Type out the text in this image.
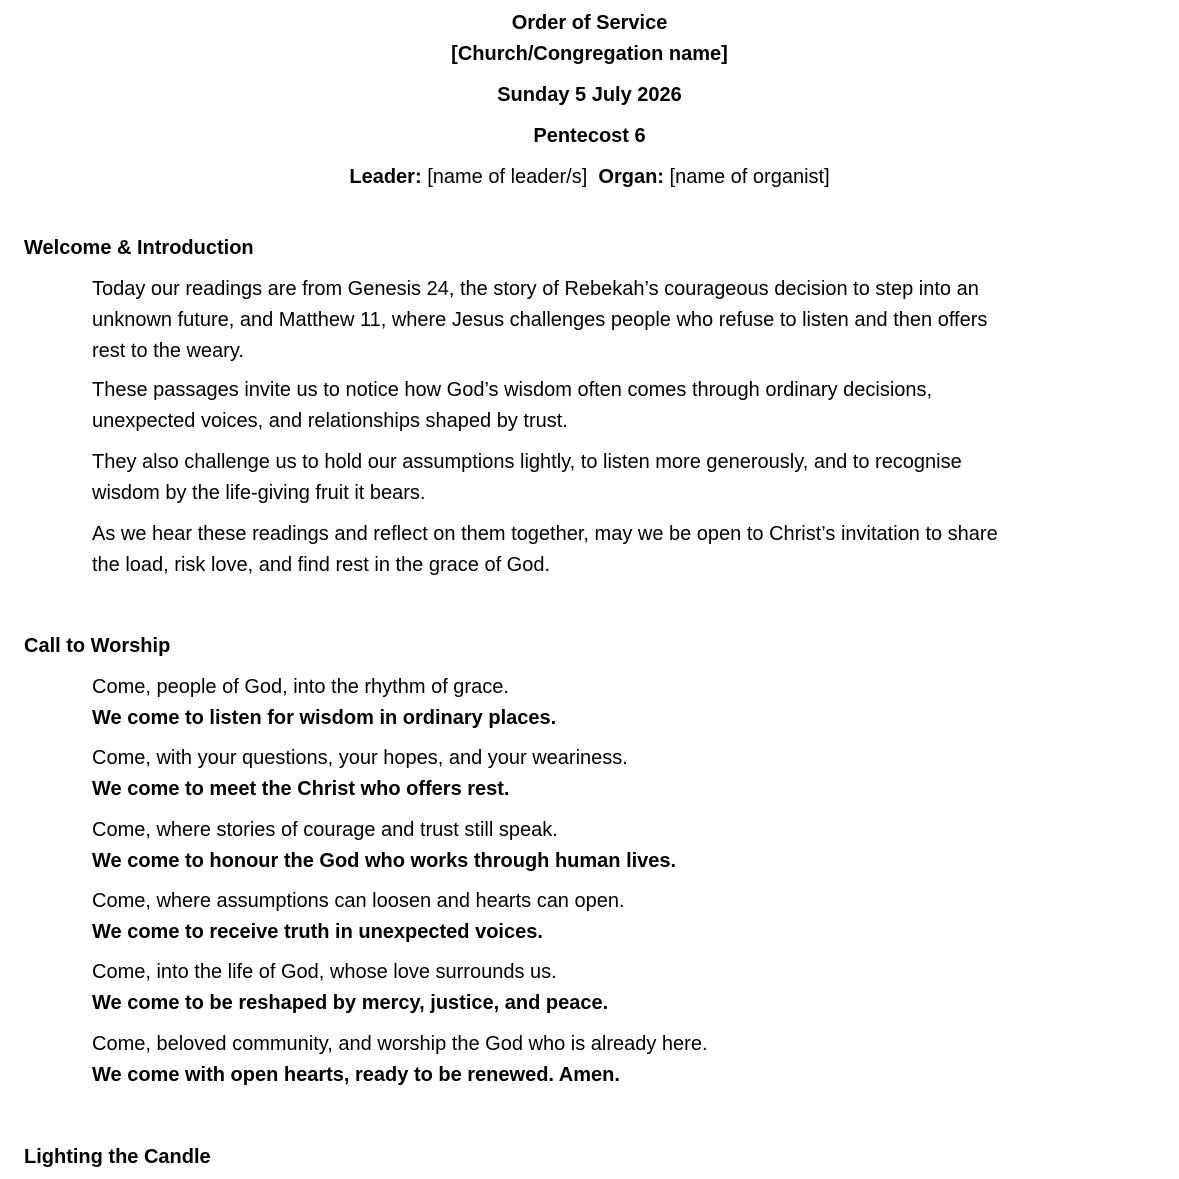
Order of Service
[Church/Congregation name]
Sunday 5 July 2026
Pentecost 6
Leader: [name of leader/s] Organ: [name of organist]
Welcome & Introduction
Today our readings are from Genesis 24, the story of Rebekah’s courageous decision to step into an
unknown future, and Matthew 11, where Jesus challenges people who refuse to listen and then offers
rest to the weary.
These passages invite us to notice how God’s wisdom often comes through ordinary decisions,
unexpected voices, and relationships shaped by trust.
They also challenge us to hold our assumptions lightly, to listen more generously, and to recognise
wisdom by the life-giving fruit it bears.
As we hear these readings and reflect on them together, may we be open to Christ’s invitation to share
the load, risk love, and find rest in the grace of God.
Call to Worship
Come, people of God, into the rhythm of grace.
We come to listen for wisdom in ordinary places.
Come, with your questions, your hopes, and your weariness.
We come to meet the Christ who offers rest.
Come, where stories of courage and trust still speak.
We come to honour the God who works through human lives.
Come, where assumptions can loosen and hearts can open.
We come to receive truth in unexpected voices.
Come, into the life of God, whose love surrounds us.
We come to be reshaped by mercy, justice, and peace.
Come, beloved community, and worship the God who is already here.
We come with open hearts, ready to be renewed. Amen.
Lighting the Candle
